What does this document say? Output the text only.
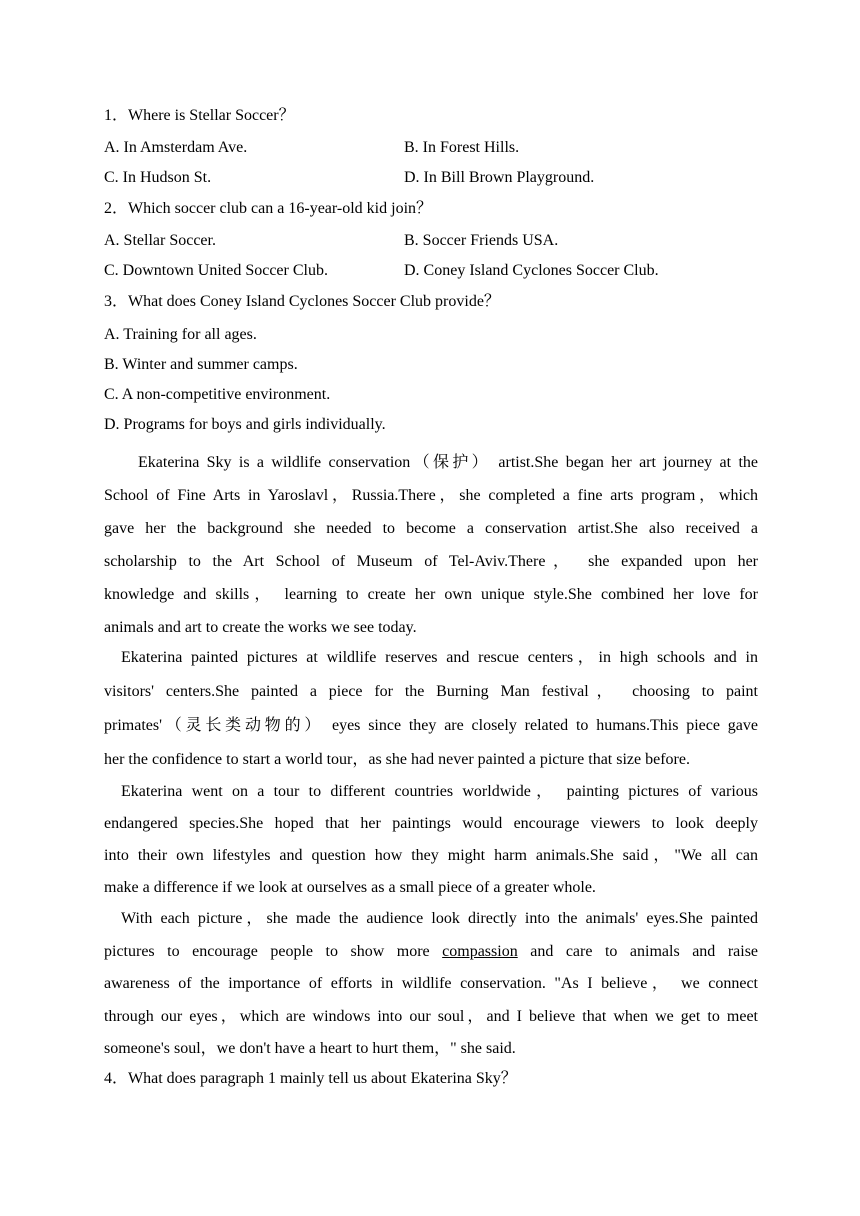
1．Where is Stellar Soccer？
A. In Amsterdam Ave.	B. In Forest Hills.
C. In Hudson St.	D. In Bill Brown Playground.
2．Which soccer club can a 16-year-old kid join？
A. Stellar Soccer.	B. Soccer Friends USA.
C. Downtown United Soccer Club.	D. Coney Island Cyclones Soccer Club.
3．What does Coney Island Cyclones Soccer Club provide？
A. Training for all ages.
B. Winter and summer camps.
C. A non-competitive environment.
D. Programs for boys and girls individually.
Ekaterina Sky is a wildlife conservation（保护） artist.She began her art journey at the
School of Fine Arts in Yaroslavl，Russia.There，she completed a fine arts program，which
gave her the background she needed to become a conservation artist.She also received a
scholarship to the Art School of Museum of Tel-Aviv.There， she expanded upon her
knowledge and skills， learning to create her own unique style.She combined her love for
animals and art to create the works we see today.
Ekaterina painted pictures at wildlife reserves and rescue centers，in high schools and in
visitors' centers.She painted a piece for the Burning Man festival， choosing to paint
primates'（灵长类动物的） eyes since they are closely related to humans.This piece gave
her the confidence to start a world tour，as she had never painted a picture that size before.
Ekaterina went on a tour to different countries worldwide， painting pictures of various
endangered species.She hoped that her paintings would encourage viewers to look deeply
into their own lifestyles and question how they might harm animals.She said，"We all can
make a difference if we look at ourselves as a small piece of a greater whole.
With each picture，she made the audience look directly into the animals' eyes.She painted
pictures to encourage people to show more compassion and care to animals and raise
awareness of the importance of efforts in wildlife conservation. "As I believe， we connect
through our eyes，which are windows into our soul，and I believe that when we get to meet
someone's soul，we don't have a heart to hurt them，" she said.
4．What does paragraph 1 mainly tell us about Ekaterina Sky？
